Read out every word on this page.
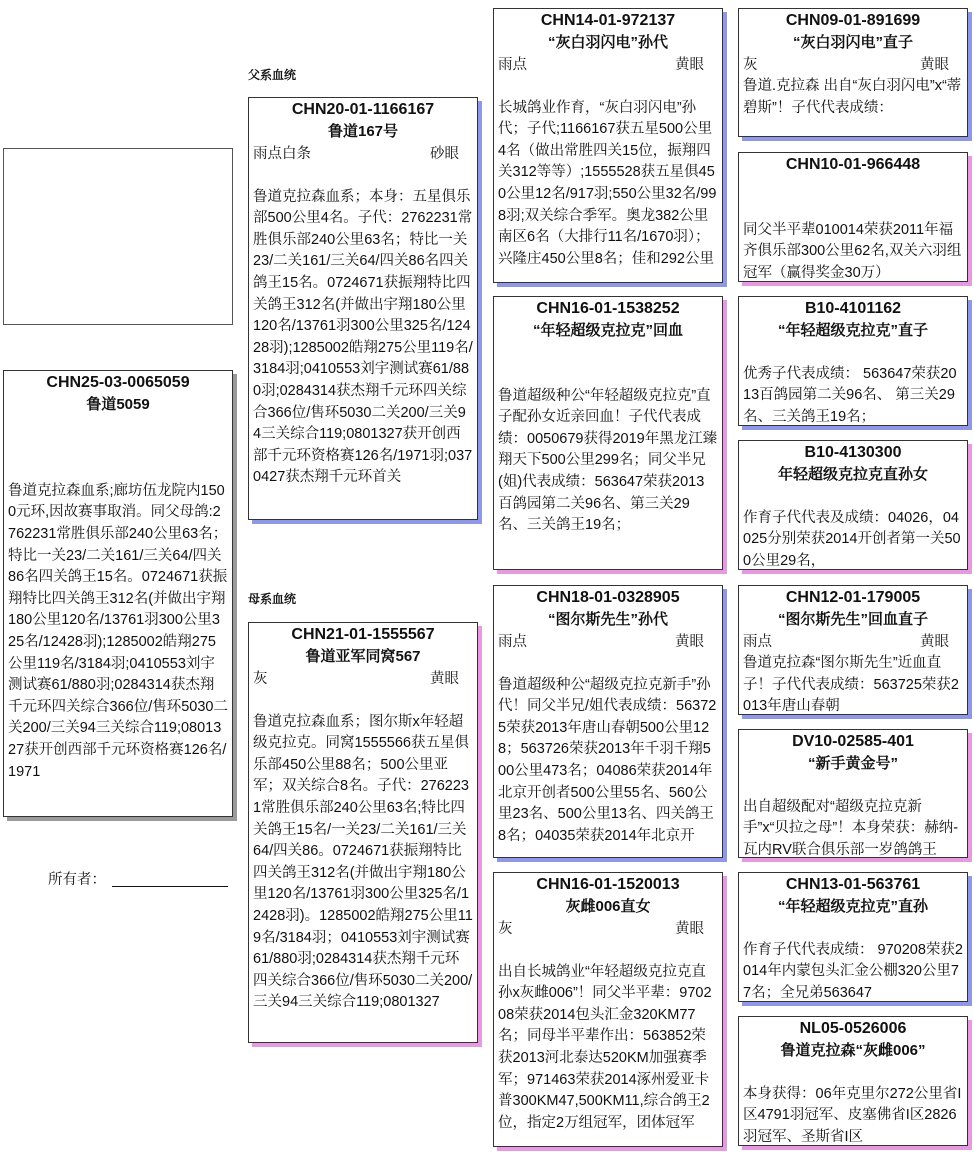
CHN25-03-0065059
鲁道5059
鲁道克拉森血系;廊坊伍龙院内1500元环,因故赛事取消。同父母鸽:2762231常胜俱乐部240公里63名；特比一关23/二关161/三关64/四关86名四关鸽王15名。0724671获振翔特比四关鸽王312名(并做出宇翔180公里120名/13761羽300公里325名/12428羽);1285002皓翔275公里119名/3184羽;0410553刘宇测试赛61/880羽;0284314获杰翔千元环四关综合366位/售环5030二关200/三关94三关综合119;0801327获开创西部千元环资格赛126名/1971
所有者：
父系血统
母系血统
CHN20-01-1166167
鲁道167号
雨点白条	砂眼
鲁道克拉森血系；本身：五星俱乐部500公里4名。子代：2762231常胜俱乐部240公里63名；特比一关23/二关161/三关64/四关86名四关鸽王15名。0724671获振翔特比四关鸽王312名(并做出宇翔180公里120名/13761羽300公里325名/12428羽);1285002皓翔275公里119名/3184羽;0410553刘宇测试赛61/880羽;0284314获杰翔千元环四关综合366位/售环5030二关200/三关94三关综合119;0801327获开创西部千元环资格赛126名/1971羽;0370427获杰翔千元环首关
CHN21-01-1555567
鲁道亚军同窝567
灰	黄眼
鲁道克拉森血系；图尔斯x年轻超级克拉克。同窝1555566获五星俱乐部450公里88名；500公里亚军；双关综合8名。子代：2762231常胜俱乐部240公里63名;特比四关鸽王15名/一关23/二关161/三关64/四关86。0724671获振翔特比四关鸽王312名(并做出宇翔180公里120名/13761羽300公里325名/12428羽)。1285002皓翔275公里119名/3184羽；0410553刘宇测试赛61/880羽;0284314获杰翔千元环四关综合366位/售环5030二关200/三关94三关综合119;0801327
CHN14-01-972137
“灰白羽闪电”孙代
雨点	黄眼
长城鸽业作育，“灰白羽闪电”孙代；子代;1166167获五星500公里4名（做出常胜四关15位，振翔四关312等等）;1555528获五星俱450公里12名/917羽;550公里32名/998羽;双关综合季军。奥龙382公里南区6名（大排行11名/1670羽）；兴隆庄450公里8名；佳和292公里
CHN16-01-1538252
“年轻超级克拉克”回血
鲁道超级种公“年轻超级克拉克”直子配孙女近亲回血！子代代表成绩：0050679获得2019年黑龙江臻翔天下500公里299名；同父半兄(姐)代表成绩：563647荣获2013百鸽园第二关96名、第三关29名、三关鸽王19名；
CHN18-01-0328905
“图尔斯先生”孙代
雨点	黄眼
鲁道超级种公“超级克拉克新手”孙代！同父半兄/姐代表成绩：563725荣获2013年唐山春朝500公里128；563726荣获2013年千羽千翔500公里473名；04086荣获2014年北京开创者500公里55名、560公里23名、500公里13名、四关鸽王8名；04035荣获2014年北京开
CHN16-01-1520013
灰雌006直女
灰	黄眼
出自长城鸽业“年轻超级克拉克直孙x灰雌006”！同父半平辈：970208荣获2014包头汇金320KM77名；同母半平辈作出：563852荣获2013河北泰达520KM加强赛季军；971463荣获2014涿州爱亚卡普300KM47,500KM11,综合鸽王2位，指定2万组冠军，团体冠军
CHN09-01-891699
“灰白羽闪电”直子
灰	黄眼
鲁道.克拉森 出自“灰白羽闪电”x“蒂碧斯”！子代代表成绩：
CHN10-01-966448
同父半平辈010014荣获2011年福齐俱乐部300公里62名,双关六羽组冠军（赢得奖金30万）
B10-4101162
“年轻超级克拉克”直子
优秀子代表成绩： 563647荣获2013百鸽园第二关96名、 第三关29名、三关鸽王19名；
B10-4130300
年轻超级克拉克直孙女
作育子代代表及成绩：04026，04025分别荣获2014开创者第一关500公里29名，
CHN12-01-179005
“图尔斯先生”回血直子
雨点	黄眼
鲁道克拉森“图尔斯先生”近血直子！子代代表成绩：563725荣获2013年唐山春朝
DV10-02585-401
“新手黄金号”
出自超级配对“超级克拉克新手”x“贝拉之母”！本身荣获：赫纳-瓦内RV联合俱乐部一岁鸽鸽王
CHN13-01-563761
“年轻超级克拉克”直孙
作育子代代表成绩： 970208荣获2014年内蒙包头汇金公棚320公里77名；全兄弟563647
NL05-0526006
鲁道克拉森“灰雌006”
本身获得：06年克里尔272公里省I区4791羽冠军、皮塞佛省I区2826羽冠军、圣斯省I区
